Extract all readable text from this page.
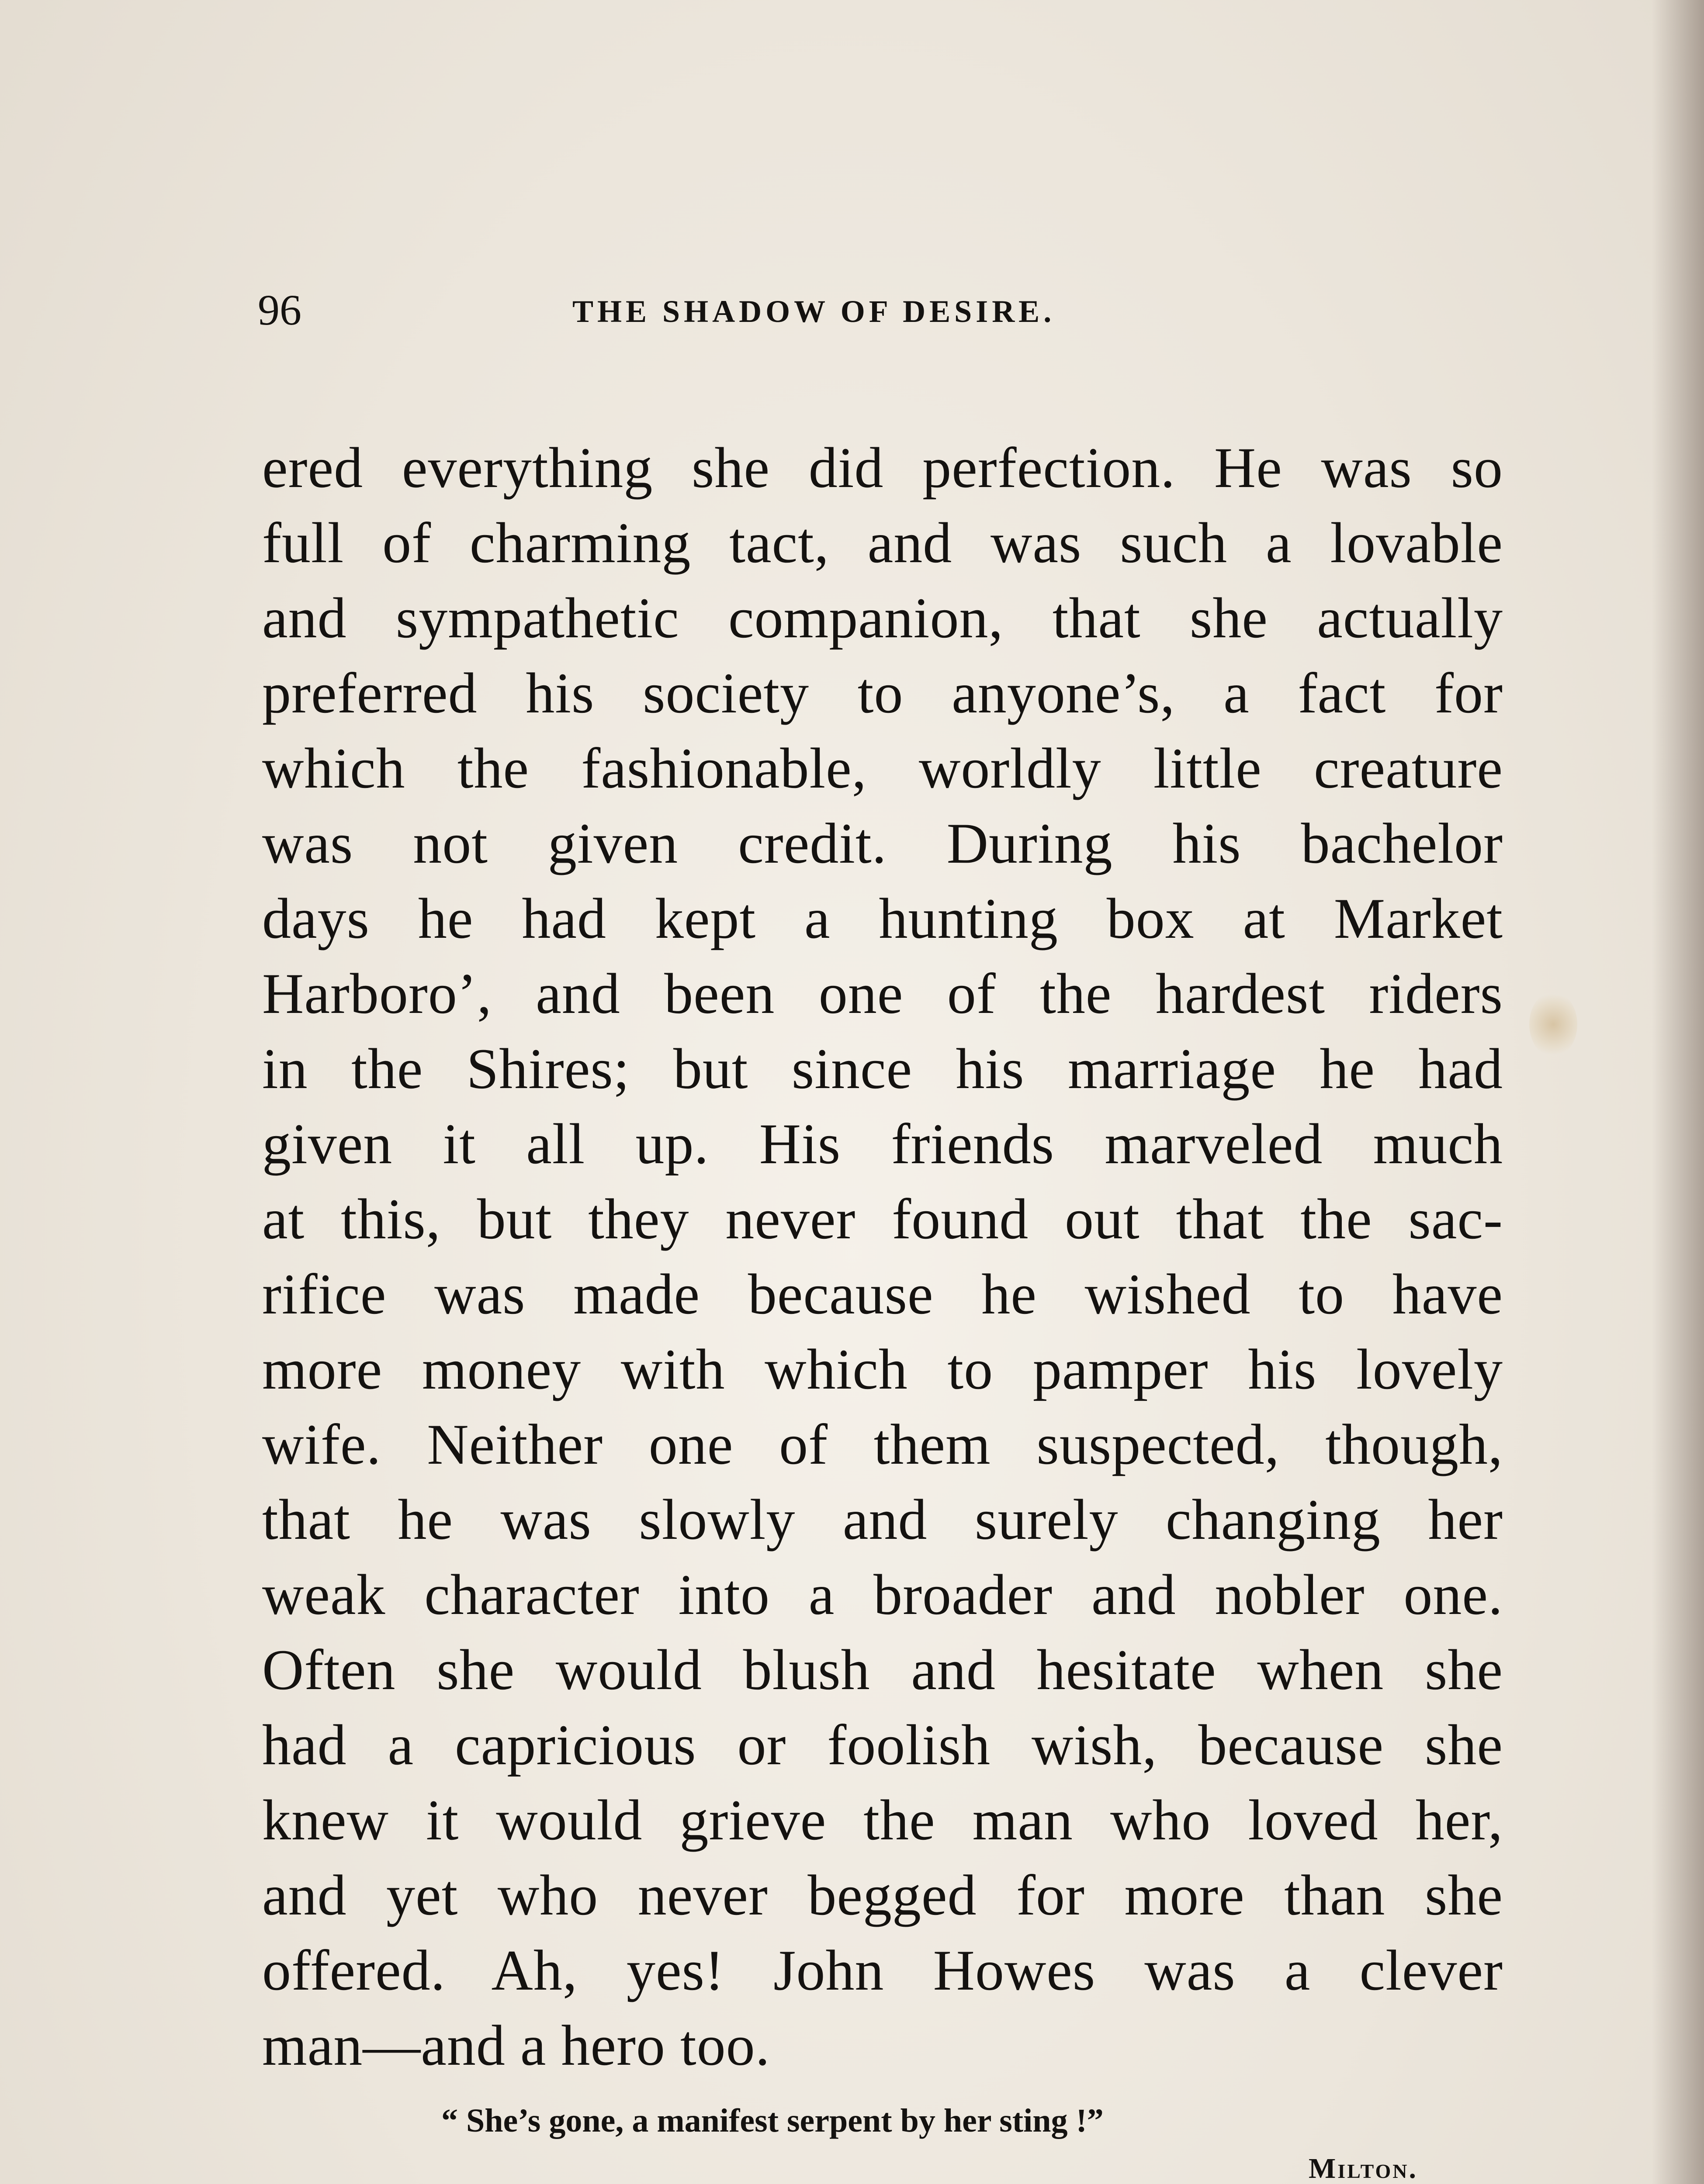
96	THE SHADOW OF DESIRE.
ered everything she did perfection. He was so
full of charming tact, and was such a lovable
and sympathetic companion, that she actually
preferred his society to anyone’s, a fact for
which the fashionable, worldly little creature
was not given credit. During his bachelor
days he had kept a hunting box at Market
Harboro’, and been one of the hardest riders
in the Shires; but since his marriage he had
given it all up. His friends marveled much
at this, but they never found out that the sac-
rifice was made because he wished to have
more money with which to pamper his lovely
wife. Neither one of them suspected, though,
that he was slowly and surely changing her
weak character into a broader and nobler one.
Often she would blush and hesitate when she
had a capricious or foolish wish, because she
knew it would grieve the man who loved her,
and yet who never begged for more than she
offered. Ah, yes! John Howes was a clever
man—and a hero too.
“ She’s gone, a manifest serpent by her sting !”
Milton.
